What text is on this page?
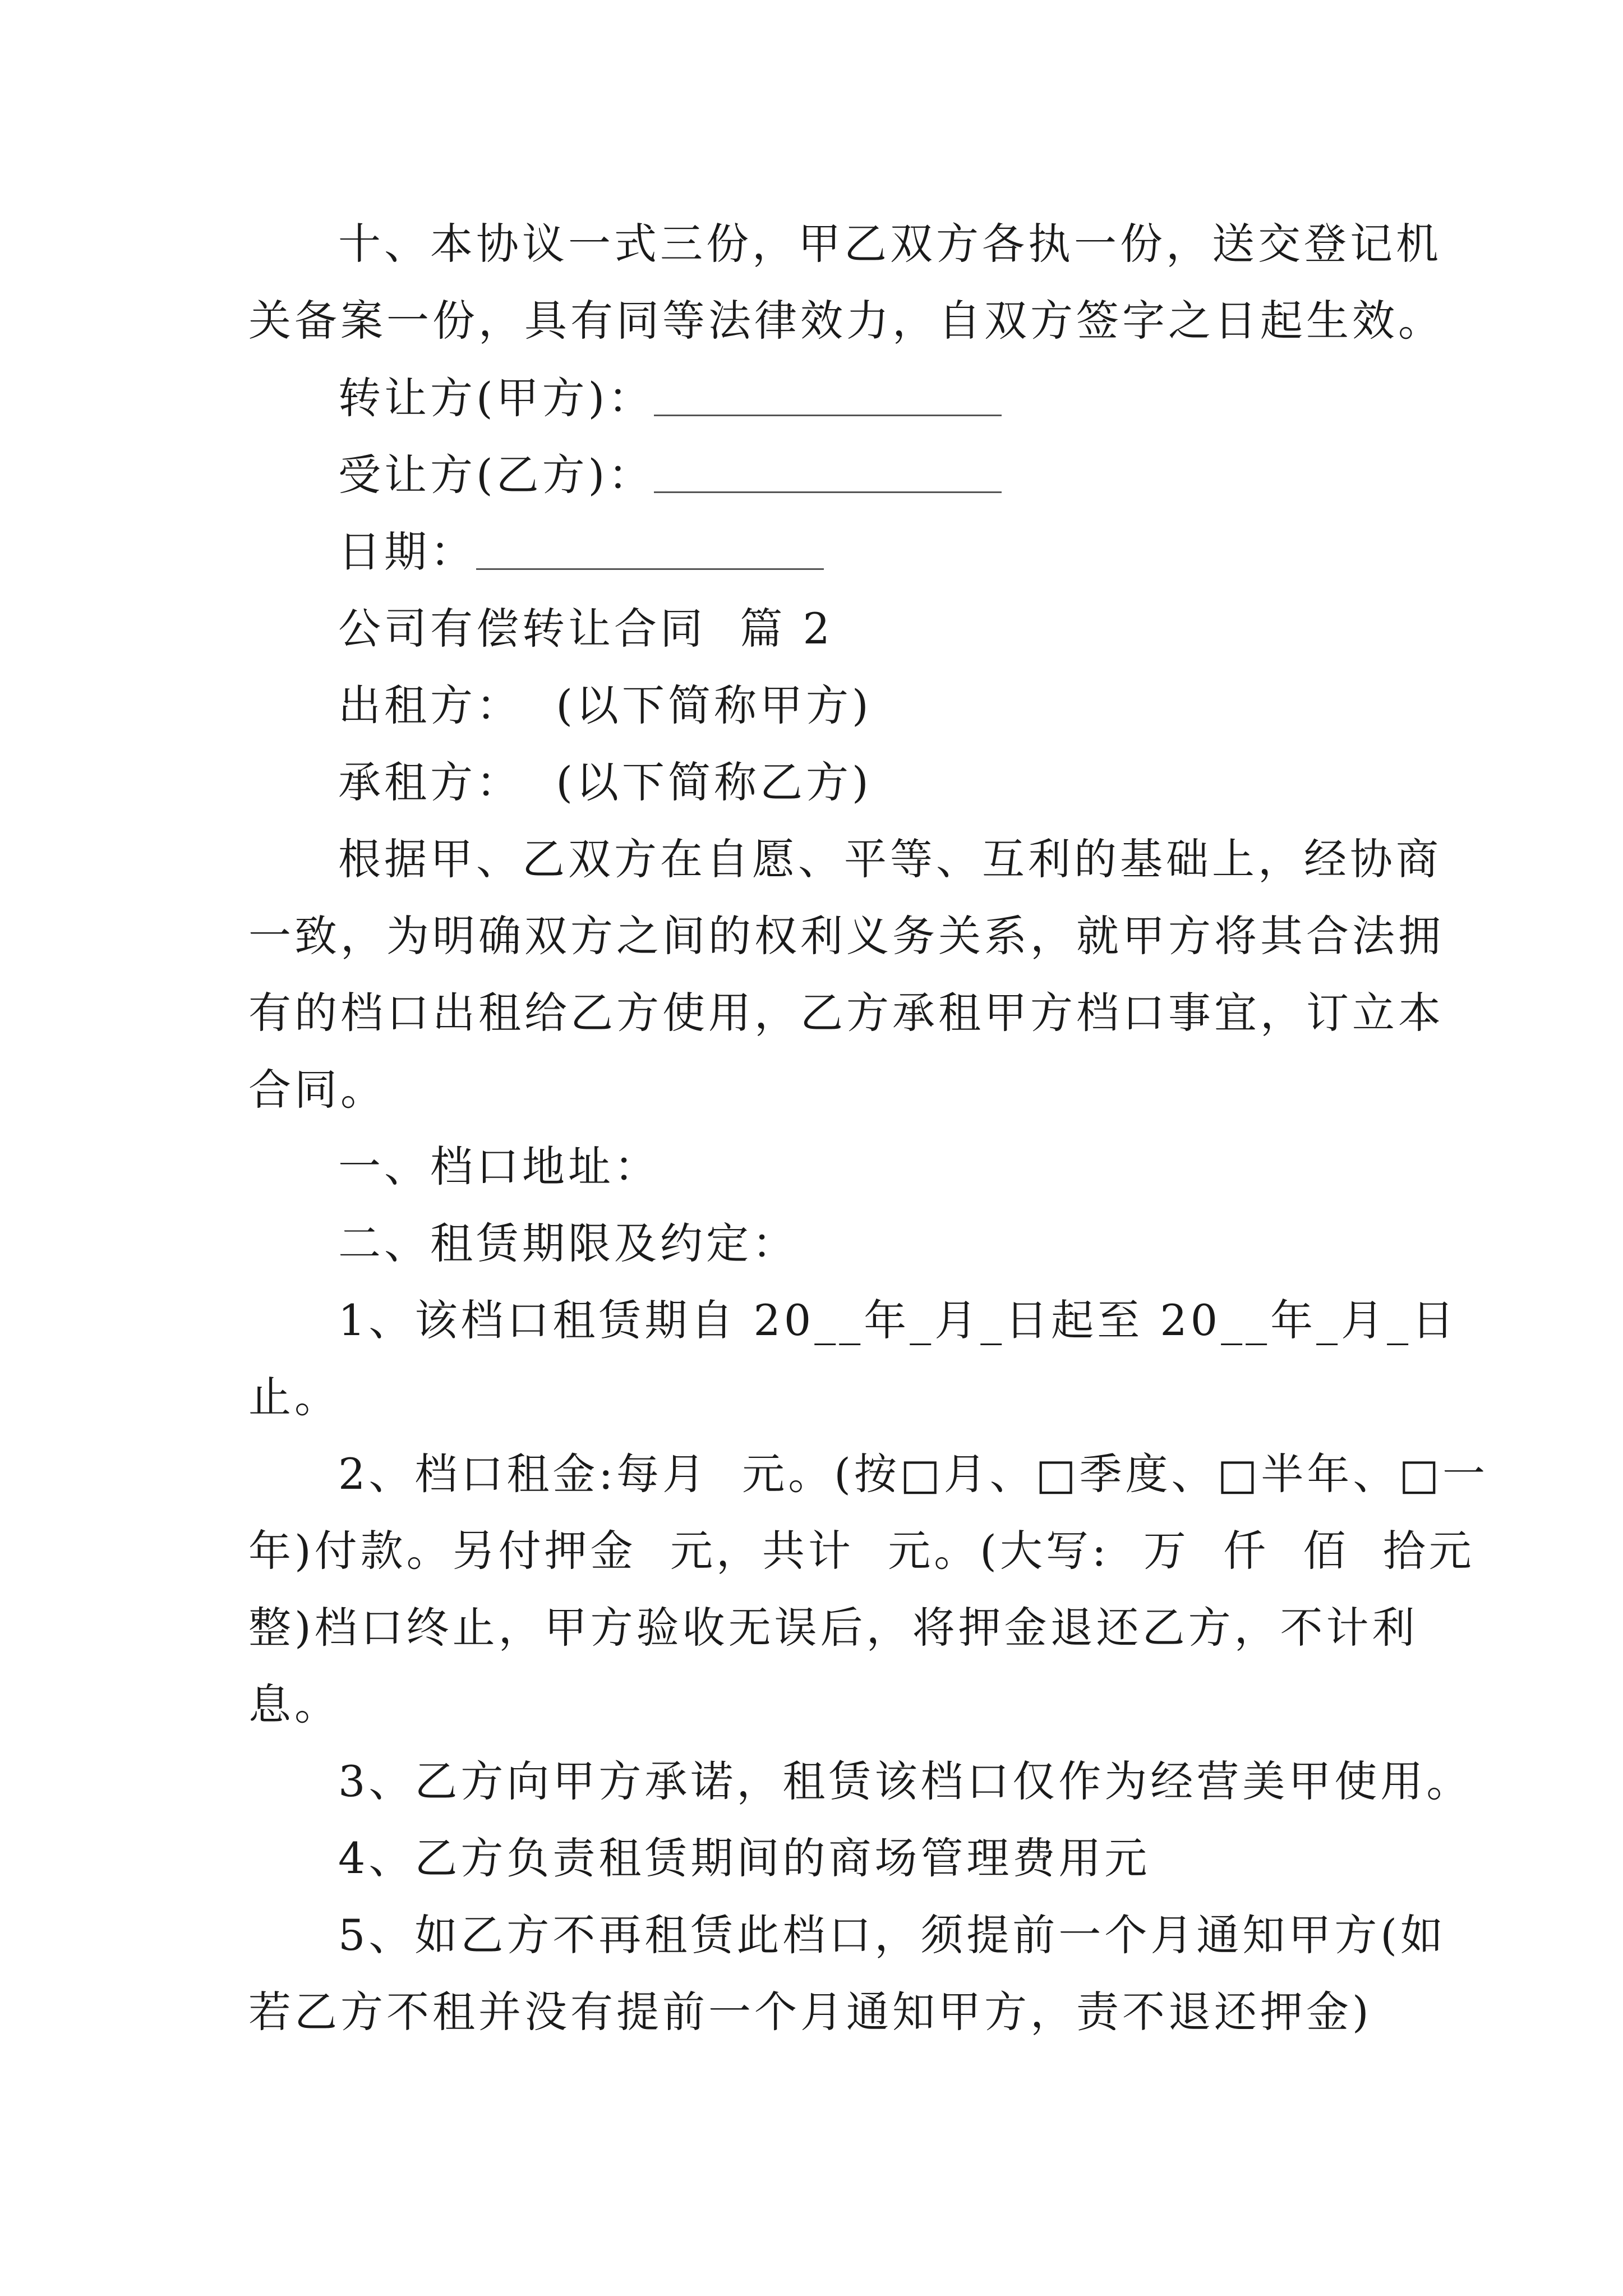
十、本协议一式三份，甲乙双方各执一份，送交登记机
关备案一份，具有同等法律效力，自双方签字之日起生效。
转让方(甲方)：
受让方(乙方)：
日期：
公司有偿转让合同  篇 2
出租方：  (以下简称甲方)
承租方：  (以下简称乙方)
根据甲、乙双方在自愿、平等、互利的基础上，经协商
一致，为明确双方之间的权利义务关系，就甲方将其合法拥
有的档口出租给乙方使用，乙方承租甲方档口事宜，订立本
合同。
一、档口地址：
二、租赁期限及约定：
1、该档口租赁期自 20__年_月_日起至 20__年_月_日
止。
2、档口租金:每月  元。(按□月、□季度、□半年、□一
年)付款。另付押金  元，共计  元。(大写:  万  仟  佰  拾元
整)档口终止，甲方验收无误后，将押金退还乙方，不计利
息。
3、乙方向甲方承诺，租赁该档口仅作为经营美甲使用。
4、乙方负责租赁期间的商场管理费用元
5、如乙方不再租赁此档口，须提前一个月通知甲方(如
若乙方不租并没有提前一个月通知甲方，责不退还押金)
